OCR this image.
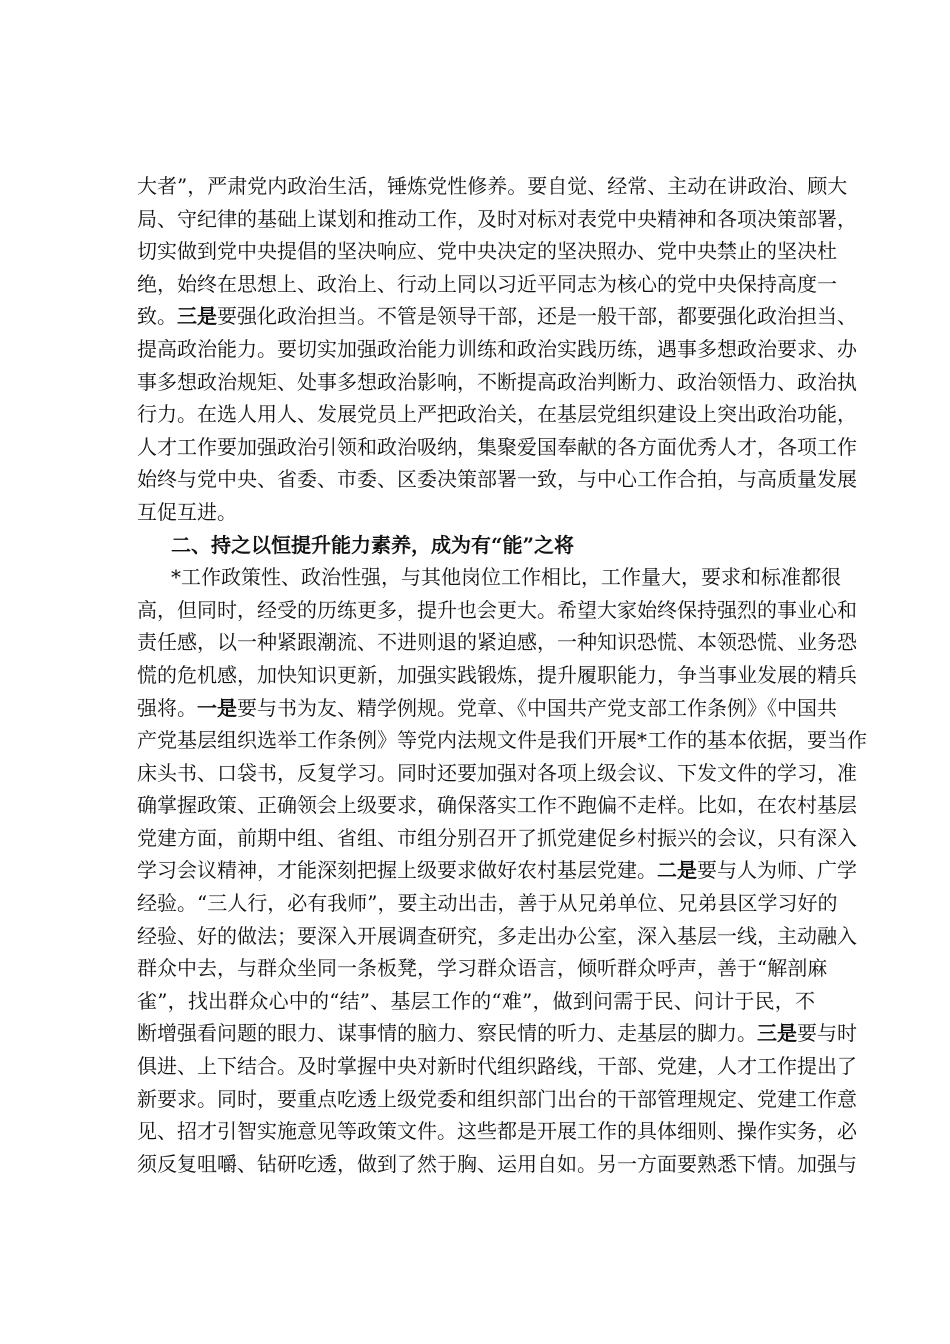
大者”，严肃党内政治生活，锤炼党性修养。要自觉、经常、主动在讲政治、顾大
局、守纪律的基础上谋划和推动工作，及时对标对表党中央精神和各项决策部署，
切实做到党中央提倡的坚决响应、党中央决定的坚决照办、党中央禁止的坚决杜
绝，始终在思想上、政治上、行动上同以习近平同志为核心的党中央保持高度一
致。三是要强化政治担当。不管是领导干部，还是一般干部，都要强化政治担当、
提高政治能力。要切实加强政治能力训练和政治实践历练，遇事多想政治要求、办
事多想政治规矩、处事多想政治影响，不断提高政治判断力、政治领悟力、政治执
行力。在选人用人、发展党员上严把政治关，在基层党组织建设上突出政治功能，
人才工作要加强政治引领和政治吸纳，集聚爱国奉献的各方面优秀人才，各项工作
始终与党中央、省委、市委、区委决策部署一致，与中心工作合拍，与高质量发展
互促互进。
二、持之以恒提升能力素养，成为有“能”之将
*工作政策性、政治性强，与其他岗位工作相比，工作量大，要求和标准都很
高，但同时，经受的历练更多，提升也会更大。希望大家始终保持强烈的事业心和
责任感，以一种紧跟潮流、不进则退的紧迫感，一种知识恐慌、本领恐慌、业务恐
慌的危机感，加快知识更新，加强实践锻炼，提升履职能力，争当事业发展的精兵
强将。一是要与书为友、精学例规。党章、《中国共产党支部工作条例》《中国共
产党基层组织选举工作条例》等党内法规文件是我们开展*工作的基本依据，要当作
床头书、口袋书，反复学习。同时还要加强对各项上级会议、下发文件的学习，准
确掌握政策、正确领会上级要求，确保落实工作不跑偏不走样。比如，在农村基层
党建方面，前期中组、省组、市组分别召开了抓党建促乡村振兴的会议，只有深入
学习会议精神，才能深刻把握上级要求做好农村基层党建。二是要与人为师、广学
经验。“三人行，必有我师”，要主动出击，善于从兄弟单位、兄弟县区学习好的
经验、好的做法；要深入开展调查研究，多走出办公室，深入基层一线，主动融入
群众中去，与群众坐同一条板凳，学习群众语言，倾听群众呼声，善于“解剖麻
雀”，找出群众心中的“结”、基层工作的“难”，做到问需于民、问计于民，不
断增强看问题的眼力、谋事情的脑力、察民情的听力、走基层的脚力。三是要与时
俱进、上下结合。及时掌握中央对新时代组织路线，干部、党建，人才工作提出了
新要求。同时，要重点吃透上级党委和组织部门出台的干部管理规定、党建工作意
见、招才引智实施意见等政策文件。这些都是开展工作的具体细则、操作实务，必
须反复咀嚼、钻研吃透，做到了然于胸、运用自如。另一方面要熟悉下情。加强与
